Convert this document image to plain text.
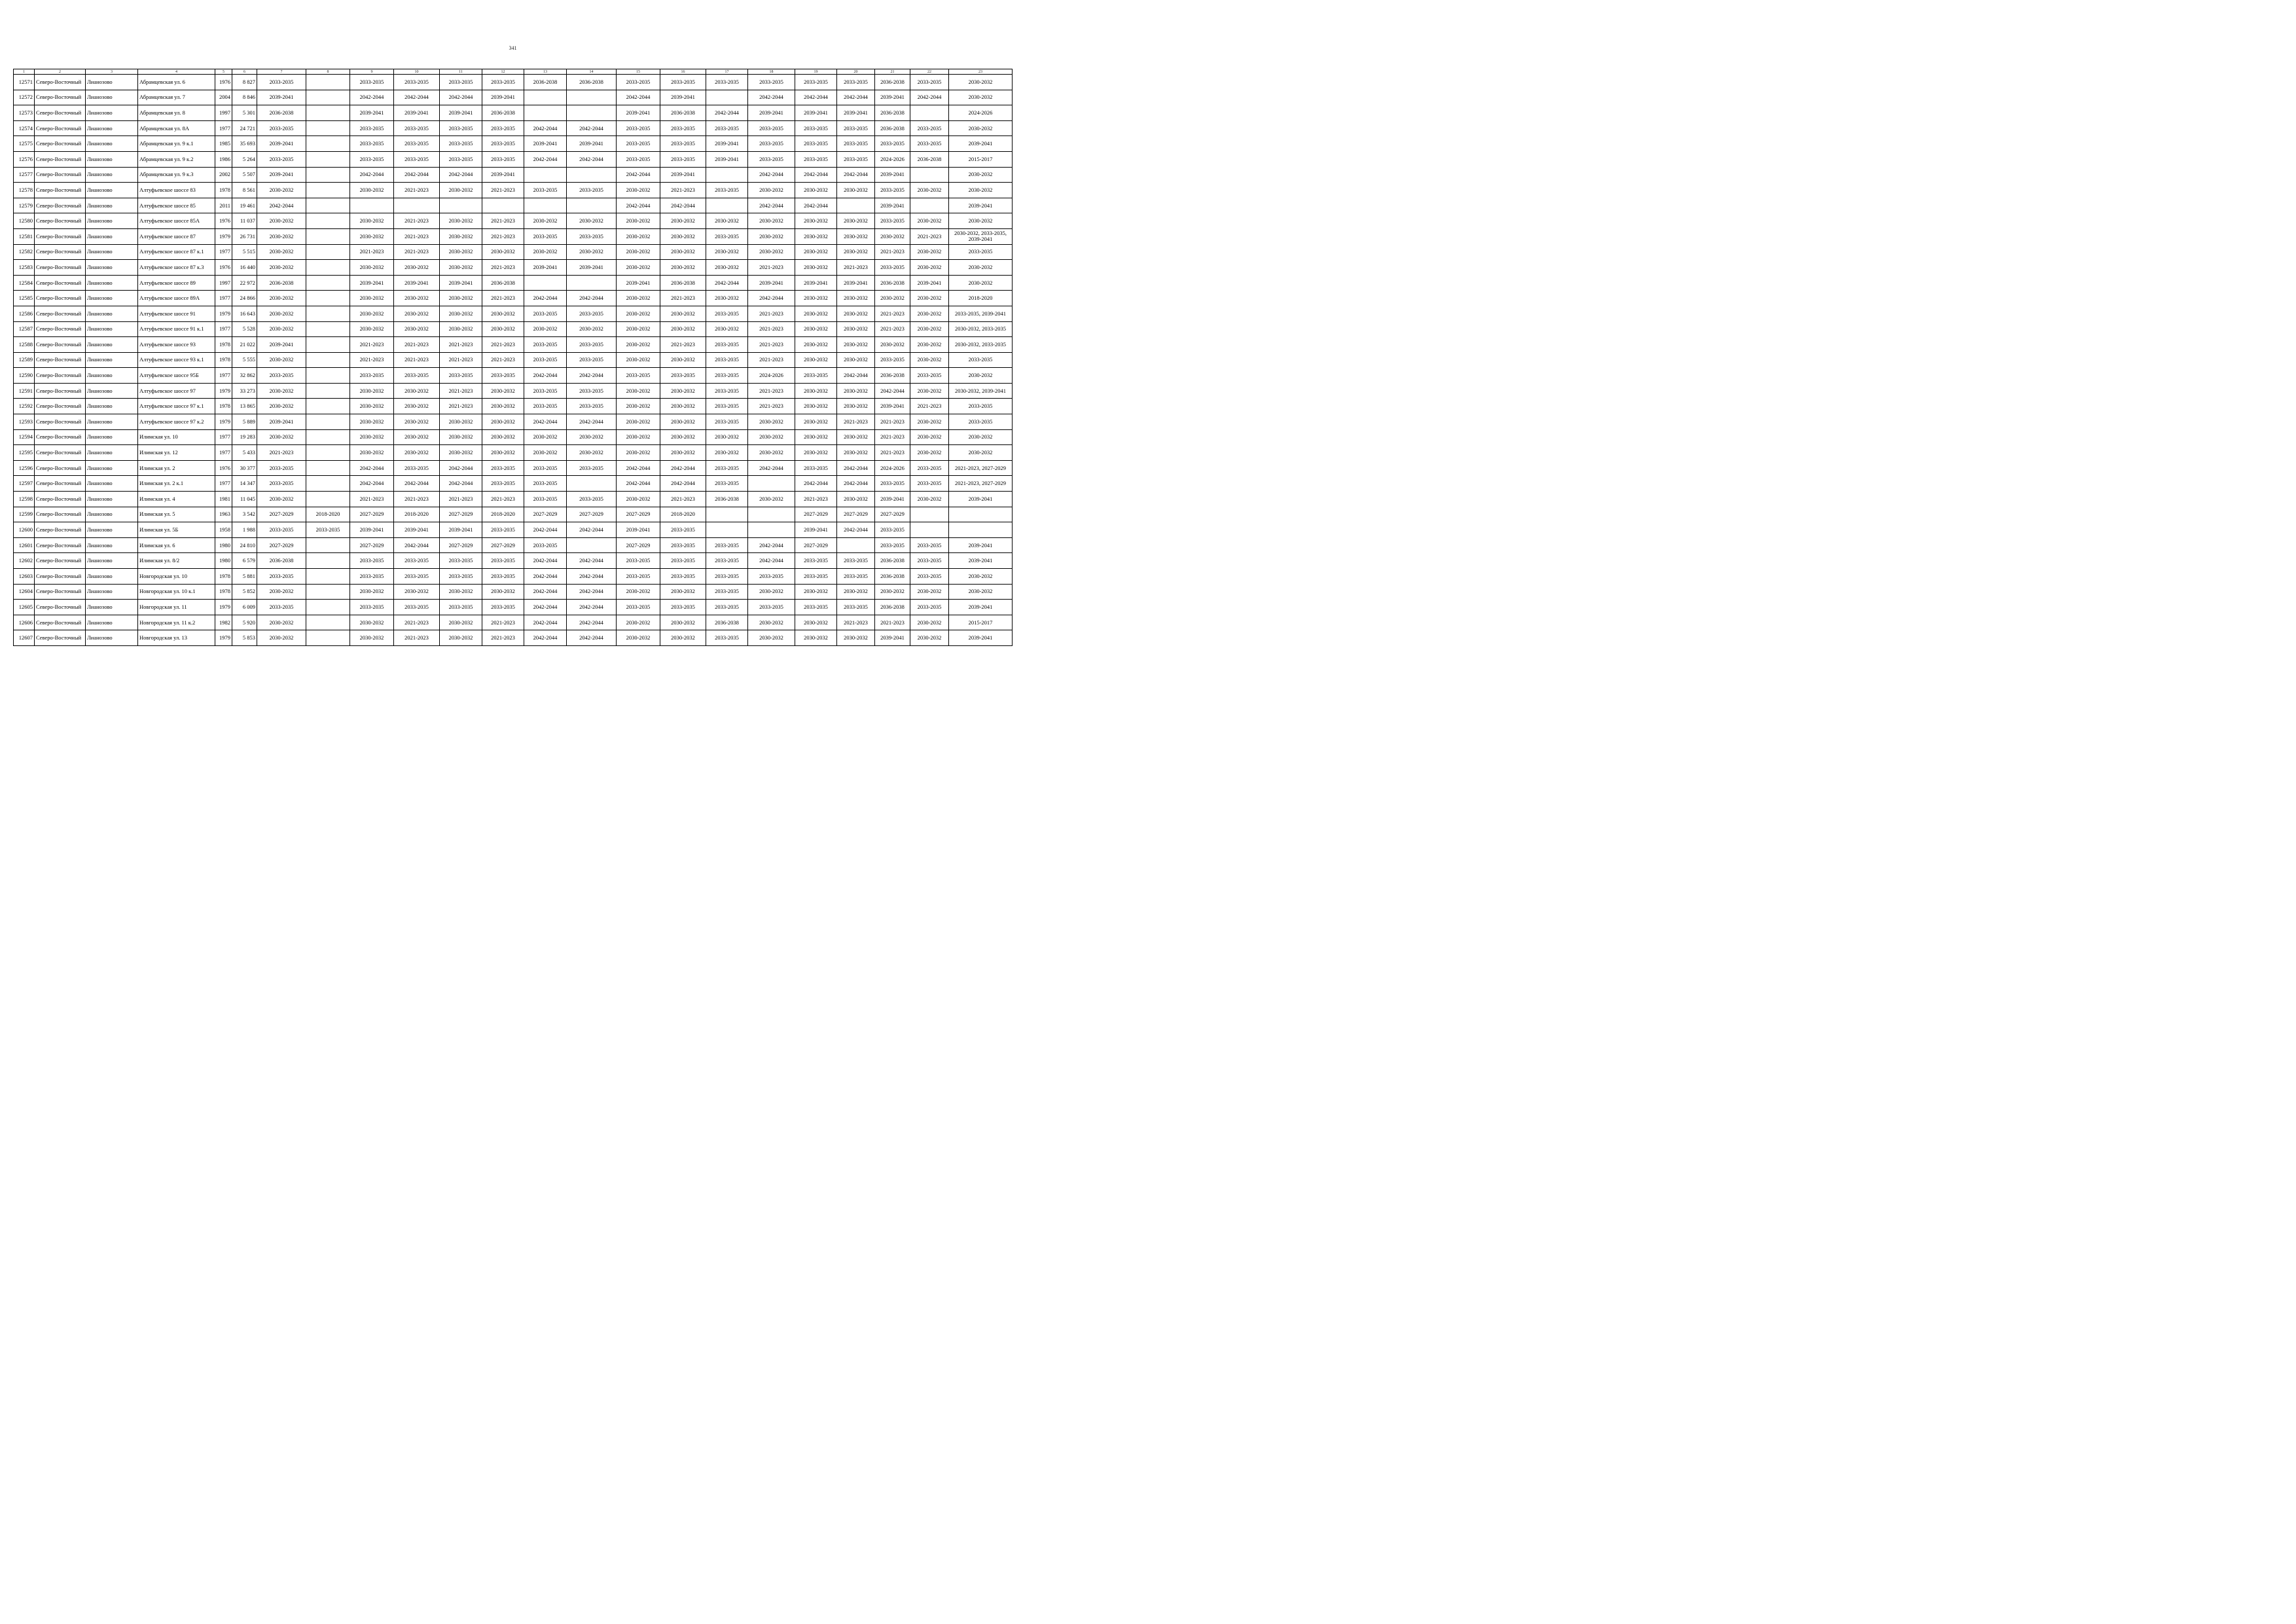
341
1	2	3	4	5	6	7	8	9	10	11	12	13	14	15	16	17	18	19	20	21	22	23
12571	Северо-Восточный	Лианозово	Абрамцевская ул. 6	1976	8 827	2033-2035		2033-2035	2033-2035	2033-2035	2033-2035	2036-2038	2036-2038	2033-2035	2033-2035	2033-2035	2033-2035	2033-2035	2033-2035	2036-2038	2033-2035	2030-2032
12572	Северо-Восточный	Лианозово	Абрамцевская ул. 7	2004	8 846	2039-2041		2042-2044	2042-2044	2042-2044	2039-2041			2042-2044	2039-2041		2042-2044	2042-2044	2042-2044	2039-2041	2042-2044	2030-2032
12573	Северо-Восточный	Лианозово	Абрамцевская ул. 8	1997	5 301	2036-2038		2039-2041	2039-2041	2039-2041	2036-2038			2039-2041	2036-2038	2042-2044	2039-2041	2039-2041	2039-2041	2036-2038		2024-2026
12574	Северо-Восточный	Лианозово	Абрамцевская ул. 8А	1977	24 721	2033-2035		2033-2035	2033-2035	2033-2035	2033-2035	2042-2044	2042-2044	2033-2035	2033-2035	2033-2035	2033-2035	2033-2035	2033-2035	2036-2038	2033-2035	2030-2032
12575	Северо-Восточный	Лианозово	Абрамцевская ул. 9 к.1	1985	35 693	2039-2041		2033-2035	2033-2035	2033-2035	2033-2035	2039-2041	2039-2041	2033-2035	2033-2035	2039-2041	2033-2035	2033-2035	2033-2035	2033-2035	2033-2035	2039-2041
12576	Северо-Восточный	Лианозово	Абрамцевская ул. 9 к.2	1986	5 264	2033-2035		2033-2035	2033-2035	2033-2035	2033-2035	2042-2044	2042-2044	2033-2035	2033-2035	2039-2041	2033-2035	2033-2035	2033-2035	2024-2026	2036-2038	2015-2017
12577	Северо-Восточный	Лианозово	Абрамцевская ул. 9 к.3	2002	5 507	2039-2041		2042-2044	2042-2044	2042-2044	2039-2041			2042-2044	2039-2041		2042-2044	2042-2044	2042-2044	2039-2041		2030-2032
12578	Северо-Восточный	Лианозово	Алтуфьевское шоссе 83	1978	8 561	2030-2032		2030-2032	2021-2023	2030-2032	2021-2023	2033-2035	2033-2035	2030-2032	2021-2023	2033-2035	2030-2032	2030-2032	2030-2032	2033-2035	2030-2032	2030-2032
12579	Северо-Восточный	Лианозово	Алтуфьевское шоссе 85	2011	19 461	2042-2044								2042-2044	2042-2044		2042-2044	2042-2044		2039-2041		2039-2041
12580	Северо-Восточный	Лианозово	Алтуфьевское шоссе 85А	1976	11 037	2030-2032		2030-2032	2021-2023	2030-2032	2021-2023	2030-2032	2030-2032	2030-2032	2030-2032	2030-2032	2030-2032	2030-2032	2030-2032	2033-2035	2030-2032	2030-2032
12581	Северо-Восточный	Лианозово	Алтуфьевское шоссе 87	1979	26 731	2030-2032		2030-2032	2021-2023	2030-2032	2021-2023	2033-2035	2033-2035	2030-2032	2030-2032	2033-2035	2030-2032	2030-2032	2030-2032	2030-2032	2021-2023	2030-2032, 2033-2035, 2039-2041
12582	Северо-Восточный	Лианозово	Алтуфьевское шоссе 87 к.1	1977	5 515	2030-2032		2021-2023	2021-2023	2030-2032	2030-2032	2030-2032	2030-2032	2030-2032	2030-2032	2030-2032	2030-2032	2030-2032	2030-2032	2021-2023	2030-2032	2033-2035
12583	Северо-Восточный	Лианозово	Алтуфьевское шоссе 87 к.3	1976	16 440	2030-2032		2030-2032	2030-2032	2030-2032	2021-2023	2039-2041	2039-2041	2030-2032	2030-2032	2030-2032	2021-2023	2030-2032	2021-2023	2033-2035	2030-2032	2030-2032
12584	Северо-Восточный	Лианозово	Алтуфьевское шоссе 89	1997	22 972	2036-2038		2039-2041	2039-2041	2039-2041	2036-2038			2039-2041	2036-2038	2042-2044	2039-2041	2039-2041	2039-2041	2036-2038	2039-2041	2030-2032
12585	Северо-Восточный	Лианозово	Алтуфьевское шоссе 89А	1977	24 866	2030-2032		2030-2032	2030-2032	2030-2032	2021-2023	2042-2044	2042-2044	2030-2032	2021-2023	2030-2032	2042-2044	2030-2032	2030-2032	2030-2032	2030-2032	2018-2020
12586	Северо-Восточный	Лианозово	Алтуфьевское шоссе 91	1979	16 643	2030-2032		2030-2032	2030-2032	2030-2032	2030-2032	2033-2035	2033-2035	2030-2032	2030-2032	2033-2035	2021-2023	2030-2032	2030-2032	2021-2023	2030-2032	2033-2035, 2039-2041
12587	Северо-Восточный	Лианозово	Алтуфьевское шоссе 91 к.1	1977	5 528	2030-2032		2030-2032	2030-2032	2030-2032	2030-2032	2030-2032	2030-2032	2030-2032	2030-2032	2030-2032	2021-2023	2030-2032	2030-2032	2021-2023	2030-2032	2030-2032, 2033-2035
12588	Северо-Восточный	Лианозово	Алтуфьевское шоссе 93	1978	21 022	2039-2041		2021-2023	2021-2023	2021-2023	2021-2023	2033-2035	2033-2035	2030-2032	2021-2023	2033-2035	2021-2023	2030-2032	2030-2032	2030-2032	2030-2032	2030-2032, 2033-2035
12589	Северо-Восточный	Лианозово	Алтуфьевское шоссе 93 к.1	1978	5 555	2030-2032		2021-2023	2021-2023	2021-2023	2021-2023	2033-2035	2033-2035	2030-2032	2030-2032	2033-2035	2021-2023	2030-2032	2030-2032	2033-2035	2030-2032	2033-2035
12590	Северо-Восточный	Лианозово	Алтуфьевское шоссе 95Б	1977	32 862	2033-2035		2033-2035	2033-2035	2033-2035	2033-2035	2042-2044	2042-2044	2033-2035	2033-2035	2033-2035	2024-2026	2033-2035	2042-2044	2036-2038	2033-2035	2030-2032
12591	Северо-Восточный	Лианозово	Алтуфьевское шоссе 97	1979	33 273	2030-2032		2030-2032	2030-2032	2021-2023	2030-2032	2033-2035	2033-2035	2030-2032	2030-2032	2033-2035	2021-2023	2030-2032	2030-2032	2042-2044	2030-2032	2030-2032, 2039-2041
12592	Северо-Восточный	Лианозово	Алтуфьевское шоссе 97 к.1	1978	13 865	2030-2032		2030-2032	2030-2032	2021-2023	2030-2032	2033-2035	2033-2035	2030-2032	2030-2032	2033-2035	2021-2023	2030-2032	2030-2032	2039-2041	2021-2023	2033-2035
12593	Северо-Восточный	Лианозово	Алтуфьевское шоссе 97 к.2	1979	5 889	2039-2041		2030-2032	2030-2032	2030-2032	2030-2032	2042-2044	2042-2044	2030-2032	2030-2032	2033-2035	2030-2032	2030-2032	2021-2023	2021-2023	2030-2032	2033-2035
12594	Северо-Восточный	Лианозово	Илимская ул. 10	1977	19 283	2030-2032		2030-2032	2030-2032	2030-2032	2030-2032	2030-2032	2030-2032	2030-2032	2030-2032	2030-2032	2030-2032	2030-2032	2030-2032	2021-2023	2030-2032	2030-2032
12595	Северо-Восточный	Лианозово	Илимская ул. 12	1977	5 433	2021-2023		2030-2032	2030-2032	2030-2032	2030-2032	2030-2032	2030-2032	2030-2032	2030-2032	2030-2032	2030-2032	2030-2032	2030-2032	2021-2023	2030-2032	2030-2032
12596	Северо-Восточный	Лианозово	Илимская ул. 2	1976	30 377	2033-2035		2042-2044	2033-2035	2042-2044	2033-2035	2033-2035	2033-2035	2042-2044	2042-2044	2033-2035	2042-2044	2033-2035	2042-2044	2024-2026	2033-2035	2021-2023, 2027-2029
12597	Северо-Восточный	Лианозово	Илимская ул. 2 к.1	1977	14 347	2033-2035		2042-2044	2042-2044	2042-2044	2033-2035	2033-2035		2042-2044	2042-2044	2033-2035		2042-2044	2042-2044	2033-2035	2033-2035	2021-2023, 2027-2029
12598	Северо-Восточный	Лианозово	Илимская ул. 4	1981	11 045	2030-2032		2021-2023	2021-2023	2021-2023	2021-2023	2033-2035	2033-2035	2030-2032	2021-2023	2036-2038	2030-2032	2021-2023	2030-2032	2039-2041	2030-2032	2039-2041
12599	Северо-Восточный	Лианозово	Илимская ул. 5	1963	3 542	2027-2029	2018-2020	2027-2029	2018-2020	2027-2029	2018-2020	2027-2029	2027-2029	2027-2029	2018-2020			2027-2029	2027-2029	2027-2029		
12600	Северо-Восточный	Лианозово	Илимская ул. 5Б	1958	1 988	2033-2035	2033-2035	2039-2041	2039-2041	2039-2041	2033-2035	2042-2044	2042-2044	2039-2041	2033-2035			2039-2041	2042-2044	2033-2035		
12601	Северо-Восточный	Лианозово	Илимская ул. 6	1980	24 810	2027-2029		2027-2029	2042-2044	2027-2029	2027-2029	2033-2035		2027-2029	2033-2035	2033-2035	2042-2044	2027-2029		2033-2035	2033-2035	2039-2041
12602	Северо-Восточный	Лианозово	Илимская ул. 8/2	1980	6 579	2036-2038		2033-2035	2033-2035	2033-2035	2033-2035	2042-2044	2042-2044	2033-2035	2033-2035	2033-2035	2042-2044	2033-2035	2033-2035	2036-2038	2033-2035	2039-2041
12603	Северо-Восточный	Лианозово	Новгородская ул. 10	1978	5 881	2033-2035		2033-2035	2033-2035	2033-2035	2033-2035	2042-2044	2042-2044	2033-2035	2033-2035	2033-2035	2033-2035	2033-2035	2033-2035	2036-2038	2033-2035	2030-2032
12604	Северо-Восточный	Лианозово	Новгородская ул. 10 к.1	1978	5 852	2030-2032		2030-2032	2030-2032	2030-2032	2030-2032	2042-2044	2042-2044	2030-2032	2030-2032	2033-2035	2030-2032	2030-2032	2030-2032	2030-2032	2030-2032	2030-2032
12605	Северо-Восточный	Лианозово	Новгородская ул. 11	1979	6 009	2033-2035		2033-2035	2033-2035	2033-2035	2033-2035	2042-2044	2042-2044	2033-2035	2033-2035	2033-2035	2033-2035	2033-2035	2033-2035	2036-2038	2033-2035	2039-2041
12606	Северо-Восточный	Лианозово	Новгородская ул. 11 к.2	1982	5 920	2030-2032		2030-2032	2021-2023	2030-2032	2021-2023	2042-2044	2042-2044	2030-2032	2030-2032	2036-2038	2030-2032	2030-2032	2021-2023	2021-2023	2030-2032	2015-2017
12607	Северо-Восточный	Лианозово	Новгородская ул. 13	1979	5 853	2030-2032		2030-2032	2021-2023	2030-2032	2021-2023	2042-2044	2042-2044	2030-2032	2030-2032	2033-2035	2030-2032	2030-2032	2030-2032	2039-2041	2030-2032	2039-2041
